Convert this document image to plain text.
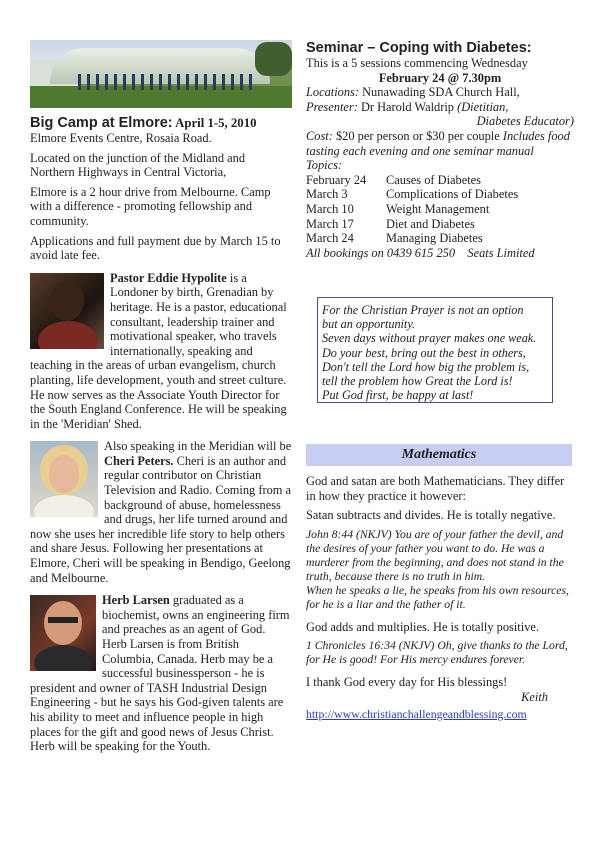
Big Camp at Elmore: April 1-5, 2010

Elmore Events Centre, Rosaia Road.

Located on the junction of the Midland and Northern Highways in Central Victoria,

Elmore is a 2 hour drive from Melbourne. Camp with a difference - promoting fellowship and community.

Applications and full payment due by March 15 to avoid late fee.

Pastor Eddie Hypolite is a Londoner by birth, Grenadian by heritage. He is a pastor, educational consultant, leadership trainer and motivational speaker, who travels internationally, speaking and teaching in the areas of urban evangelism, church planting, life development, youth and street culture. He now serves as the Associate Youth Director for the South England Conference. He will be speaking in the 'Meridian' Shed.
Also speaking in the Meridian will be Cheri Peters. Cheri is an author and regular contributor on Christian Television and Radio. Coming from a background of abuse, homelessness and drugs, her life turned around and now she uses her incredible life story to help others and share Jesus. Following her presentations at Elmore, Cheri will be speaking in Bendigo, Geelong and Melbourne.
Herb Larsen graduated as a biochemist, owns an engineering firm and preaches as an agent of God. Herb Larsen is from British Columbia, Canada. Herb may be a successful businessperson - he is president and owner of TASH Industrial Design Engineering - but he says his God-given talents are his ability to meet and influence people in high places for the gift and good news of Jesus Christ. Herb will be speaking for the Youth.
Seminar – Coping with Diabetes:

This is a 5 sessions commencing Wednesday

February 24 @ 7.30pm

Locations: Nunawading SDA Church Hall,

Presenter: Dr Harold Waldrip (Dietitian,

Diabetes Educator)

Cost: $20 per person or $30 per couple Includes food tasting each evening and one seminar manual

Topics:

February 24	Causes of Diabetes
March 3	Complications of Diabetes
March 10	Weight Management
March 17	Diet and Diabetes
March 24	Managing Diabetes

All bookings on 0439 615 250    Seats Limited

For the Christian Prayer is not an option
but an opportunity.
Seven days without prayer makes one weak.
Do your best, bring out the best in others,
Don't tell the Lord how big the problem is,
tell the problem how Great the Lord is!
Put God first, be happy at last!
Mathematics

God and satan are both Mathematicians. They differ in how they practice it however:

Satan subtracts and divides. He is totally negative.

John 8:44 (NKJV) You are of your father the devil, and the desires of your father you want to do. He was a murderer from the beginning, and does not stand in the truth, because there is no truth in him.

When he speaks a lie, he speaks from his own resources, for he is a liar and the father of it.

God adds and multiplies. He is totally positive.

1 Chronicles 16:34 (NKJV) Oh, give thanks to the Lord, for He is good! For His mercy endures forever.

I thank God every day for His blessings!

Keith

http://www.christianchallengeandblessing.com
